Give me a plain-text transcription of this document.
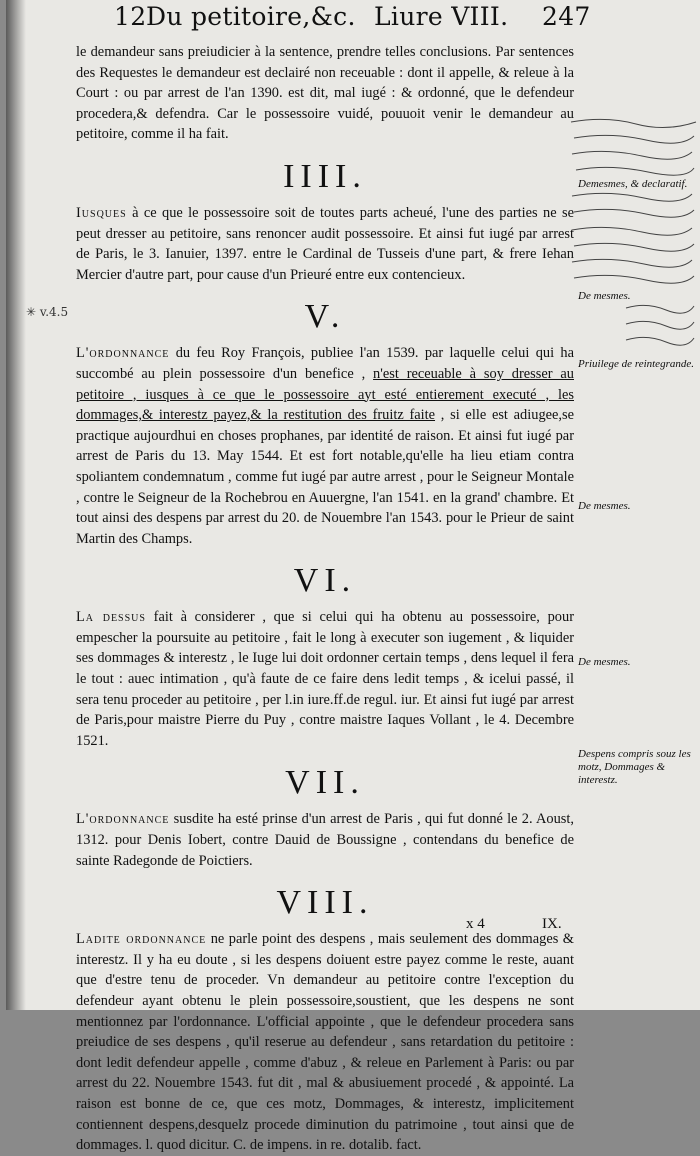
12 Du petitoire,&c. Liure VIII. 247

le demandeur sans preiudicier à la sentence, prendre telles conclusions. Par sentences des Requestes le demandeur est declairé non receuable : dont il appelle, & releue à la Court : ou par arrest de l'an 1390. est dit, mal iugé : & ordonné, que le defendeur procedera,& defendra. Car le possessoire vuidé, pouuoit venir le demandeur au petitoire, comme il ha fait.

IIII.

Iusques à ce que le possessoire soit de toutes parts acheué, l'une des parties ne se peut dresser au petitoire, sans renoncer audit possessoire. Et ainsi fut iugé par arrest de Paris, le 3. Ianuier, 1397. entre le Cardinal de Tusseis d'une part, & frere Iehan Mercier d'autre part, pour cause d'un Prieuré entre eux contencieux.

V.

L'ordonnance du feu Roy François, publiee l'an 1539. par laquelle celui qui ha succombé au plein possessoire d'un benefice , n'est receuable à soy dresser au petitoire , iusques à ce que le possessoire ayt esté entierement executé , les dommages,& interestz payez,& la restitution des fruitz faite , si elle est adiugee,se practique aujourdhui en choses prophanes, par identité de raison. Et ainsi fut iugé par arrest de Paris du 13. May 1544. Et est fort notable,qu'elle ha lieu etiam contra spoliantem condemnatum , comme fut iugé par autre arrest , pour le Seigneur Montale , contre le Seigneur de la Rochebrou en Auuergne, l'an 1541. en la grand' chambre. Et tout ainsi des despens par arrest du 20. de Nouembre l'an 1543. pour le Prieur de saint Martin des Champs.

VI.

La dessus fait à considerer , que si celui qui ha obtenu au possessoire, pour empescher la poursuite au petitoire , fait le long à executer son iugement , & liquider ses dommages & interestz , le Iuge lui doit ordonner certain temps , dens lequel il fera le tout : auec intimation , qu'à faute de ce faire dens ledit temps , & icelui passé, il sera tenu proceder au petitoire , per l.in iure.ff.de regul. iur. Et ainsi fut iugé par arrest de Paris,pour maistre Pierre du Puy , contre maistre Iaques Vollant , le 4. Decembre 1521.

VII.

L'ordonnance susdite ha esté prinse d'un arrest de Paris , qui fut donné le 2. Aoust, 1312. pour Denis Iobert, contre Dauid de Boussigne , contendans du benefice de sainte Radegonde de Poictiers.

VIII.

Ladite ordonnance ne parle point des despens , mais seulement des dommages & interestz. Il y ha eu doute , si les despens doiuent estre payez comme le reste, auant que d'estre tenu de proceder. Vn demandeur au petitoire contre l'exception du defendeur ayant obtenu le plein possessoire,soustient, que les despens ne sont mentionnez par l'ordonnance. L'official appointe , que le defendeur procedera sans preiudice de ses despens , qu'il reserue au defendeur , sans retardation du petitoire : dont ledit defendeur appelle , comme d'abuz , & releue en Parlement à Paris: ou par arrest du 22. Nouembre 1543. fut dit , mal & abusiuement procedé , & appointé. La raison est bonne de ce, que ces motz, Dommages, & interestz, implicitement contiennent despens,desquelz procede diminution du patrimoine , tout ainsi que de dommages. l. quod dicitur. C. de impens. in re. dotalib. fact.

Demesmes, & declaratif.
De mesmes.
Priuilege de reintegrande.
De mesmes.
De mesmes.
Despens compris souz les motz, Dommages & interestz.
✳ v.4.5
x 4	IX.
